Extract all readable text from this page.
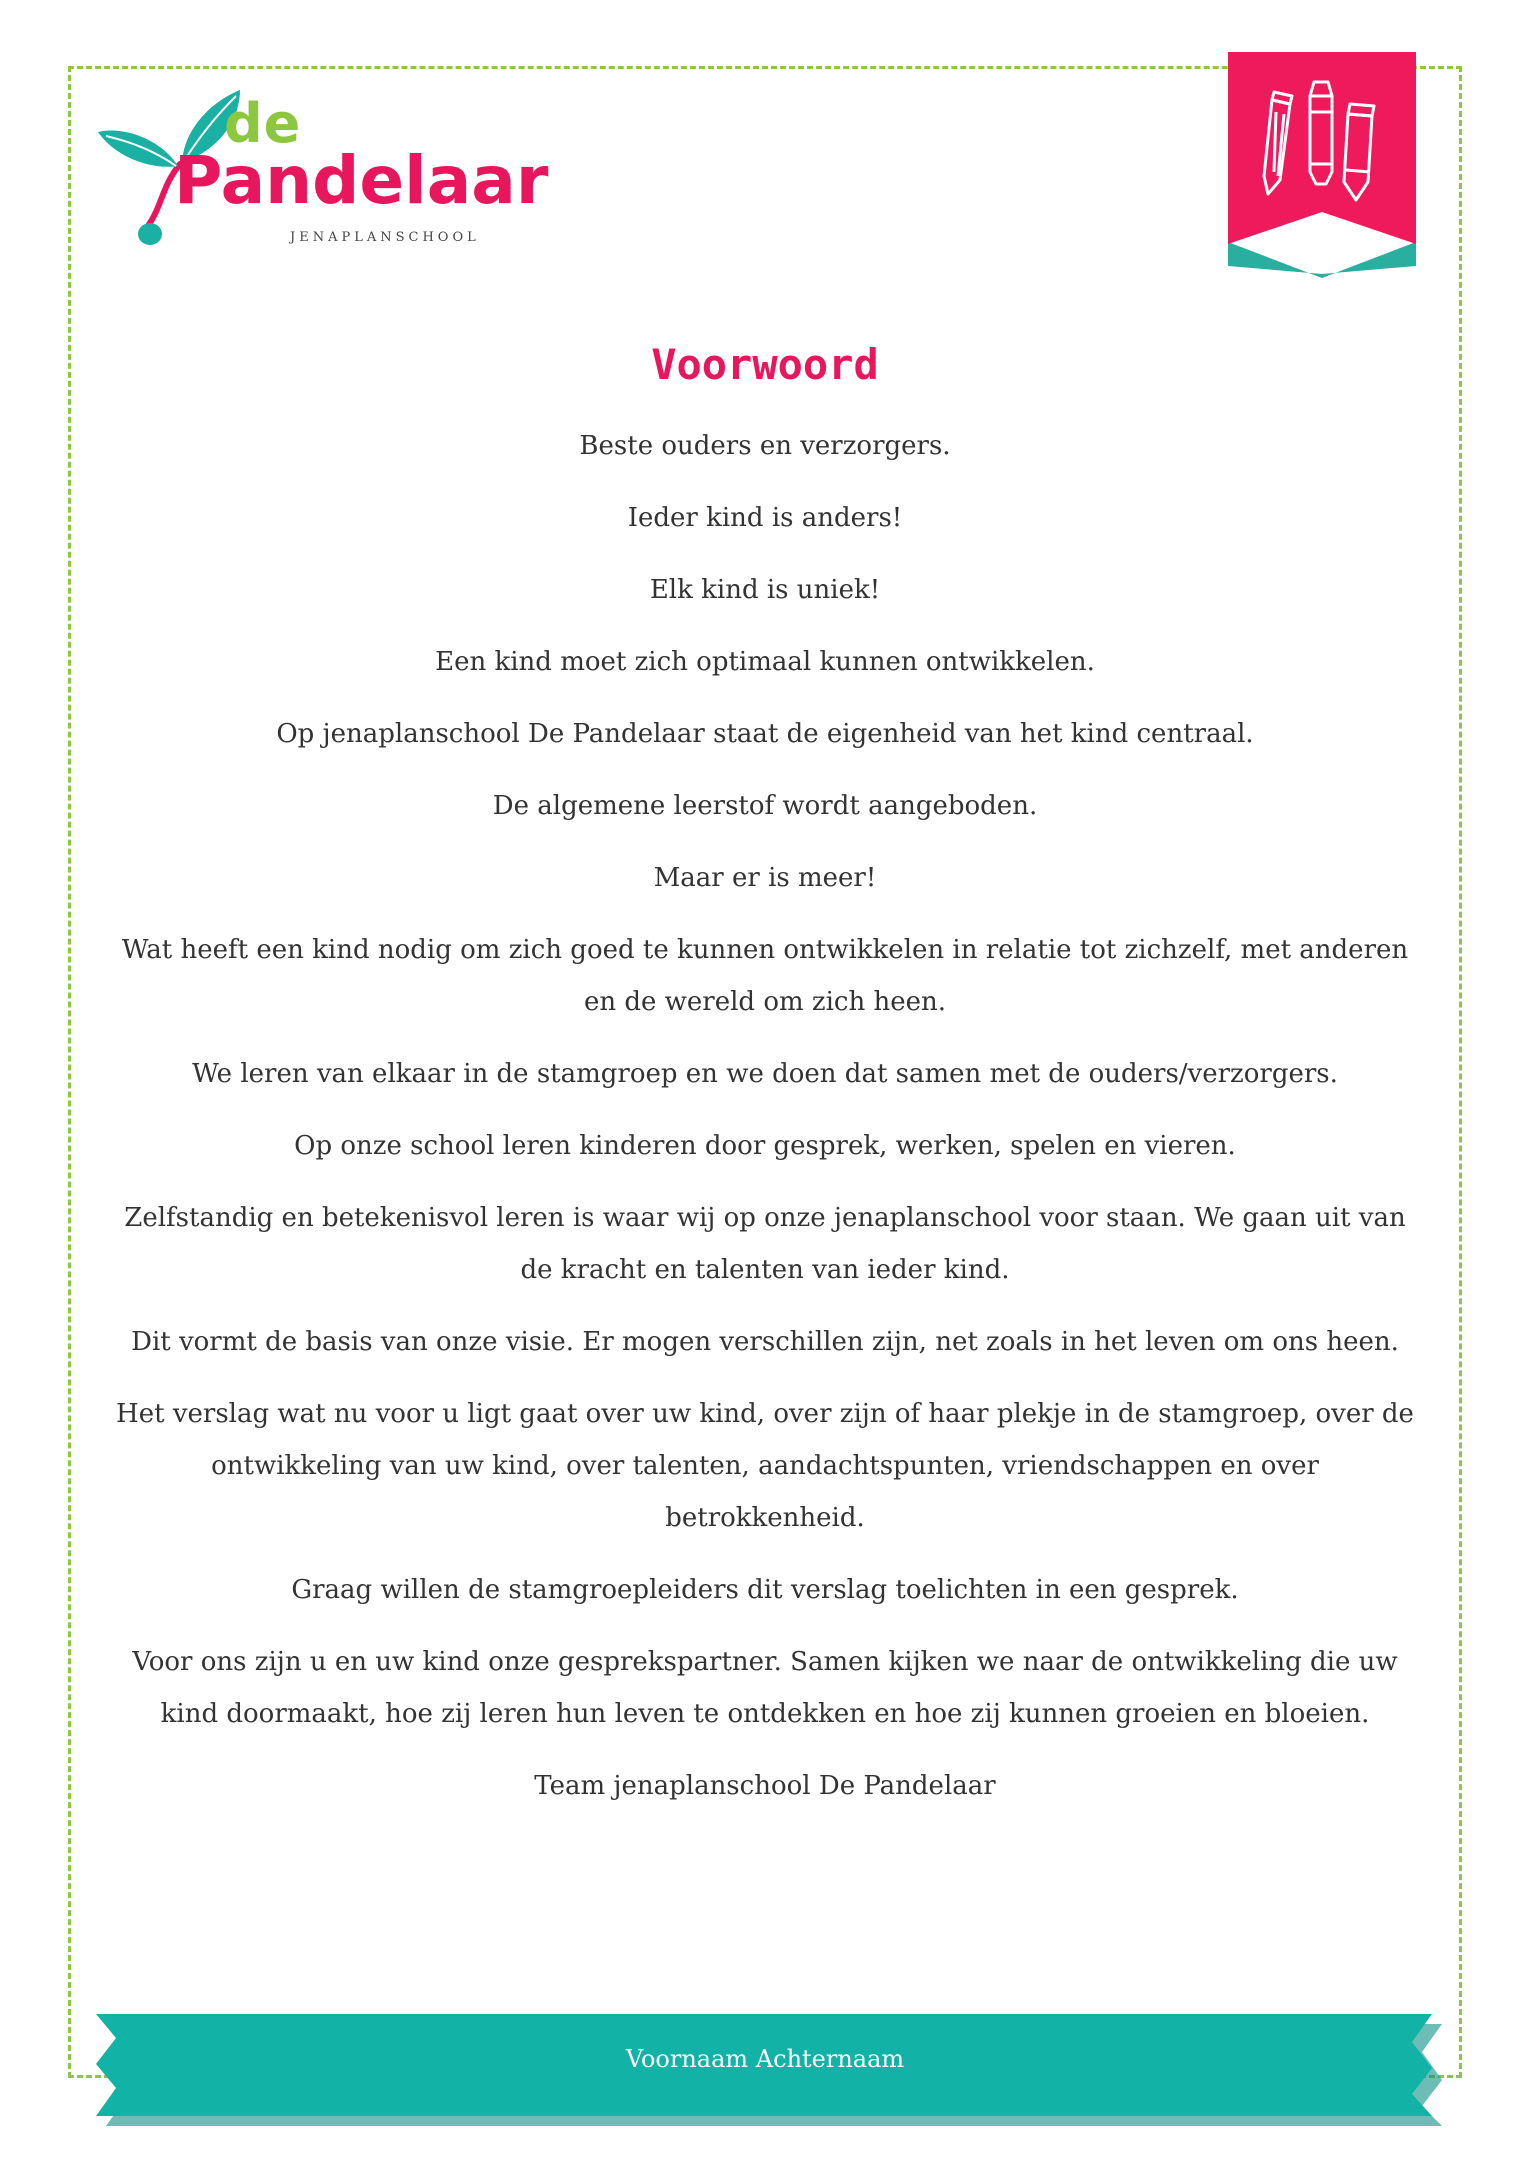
de
Pandelaar
JENAPLANSCHOOL
Voorwoord

Beste ouders en verzorgers.

Ieder kind is anders!

Elk kind is uniek!

Een kind moet zich optimaal kunnen ontwikkelen.

Op jenaplanschool De Pandelaar staat de eigenheid van het kind centraal.

De algemene leerstof wordt aangeboden.

Maar er is meer!

Wat heeft een kind nodig om zich goed te kunnen ontwikkelen in relatie tot zichzelf, met anderen en de wereld om zich heen.

We leren van elkaar in de stamgroep en we doen dat samen met de ouders/verzorgers.

Op onze school leren kinderen door gesprek, werken, spelen en vieren.

Zelfstandig en betekenisvol leren is waar wij op onze jenaplanschool voor staan. We gaan uit van de kracht en talenten van ieder kind.

Dit vormt de basis van onze visie. Er mogen verschillen zijn, net zoals in het leven om ons heen.

Het verslag wat nu voor u ligt gaat over uw kind, over zijn of haar plekje in de stamgroep, over de ontwikkeling van uw kind, over talenten, aandachtspunten, vriendschappen en over betrokkenheid.

Graag willen de stamgroepleiders dit verslag toelichten in een gesprek.

Voor ons zijn u en uw kind onze gesprekspartner. Samen kijken we naar de ontwikkeling die uw kind doormaakt, hoe zij leren hun leven te ontdekken en hoe zij kunnen groeien en bloeien.

Team jenaplanschool De Pandelaar

Voornaam Achternaam
